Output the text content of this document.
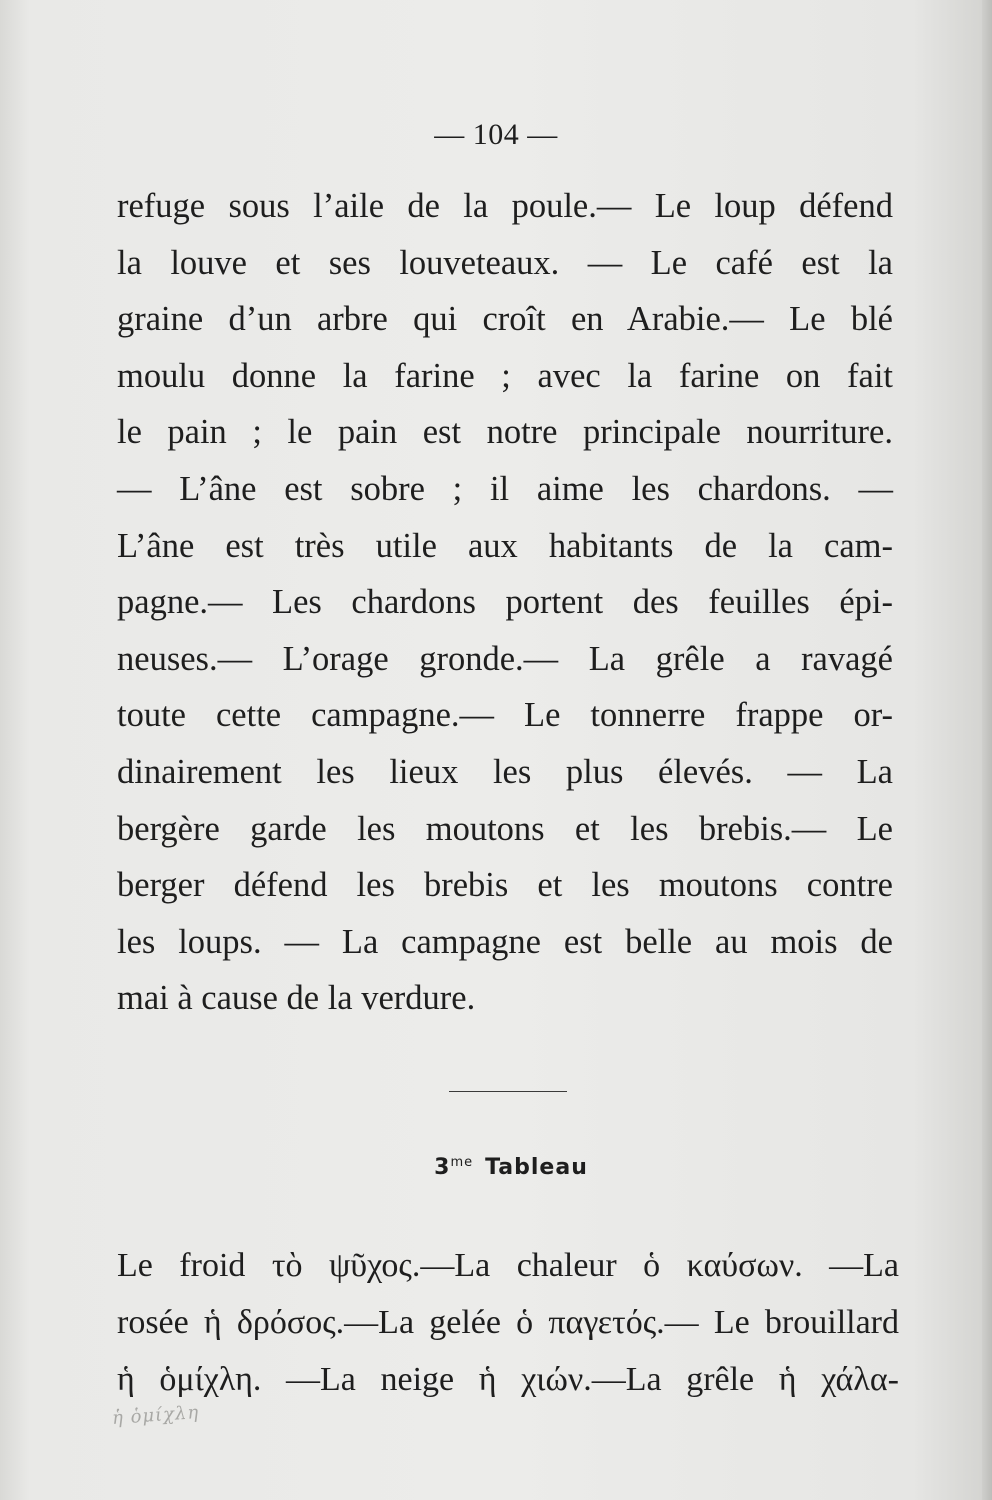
— 104 —
refuge sous l’aile de la poule.— Le loup défend
la louve et ses louveteaux. — Le café est la
graine d’un arbre qui croît en Arabie.— Le blé
moulu donne la farine ; avec la farine on fait
le pain ; le pain est notre principale nourriture.
— L’âne est sobre ; il aime les chardons. —
L’âne est très utile aux habitants de la cam-
pagne.— Les chardons portent des feuilles épi-
neuses.— L’orage gronde.— La grêle a ravagé
toute cette campagne.— Le tonnerre frappe or-
dinairement les lieux les plus élevés. — La
bergère garde les moutons et les brebis.— Le
berger défend les brebis et les moutons contre
les loups. — La campagne est belle au mois de
mai à cause de la verdure.
$3^{me}$ Tableau
Le froid τὸ ψῦχος.—La chaleur ὁ καύσων. —La
rosée ἡ δρόσος.—La gelée ὁ παγετός.— Le brouillard
ἡ ὁμίχλη. —La neige ἡ χιών.—La grêle ἡ χάλα-
ἡ ὁμίχλη
